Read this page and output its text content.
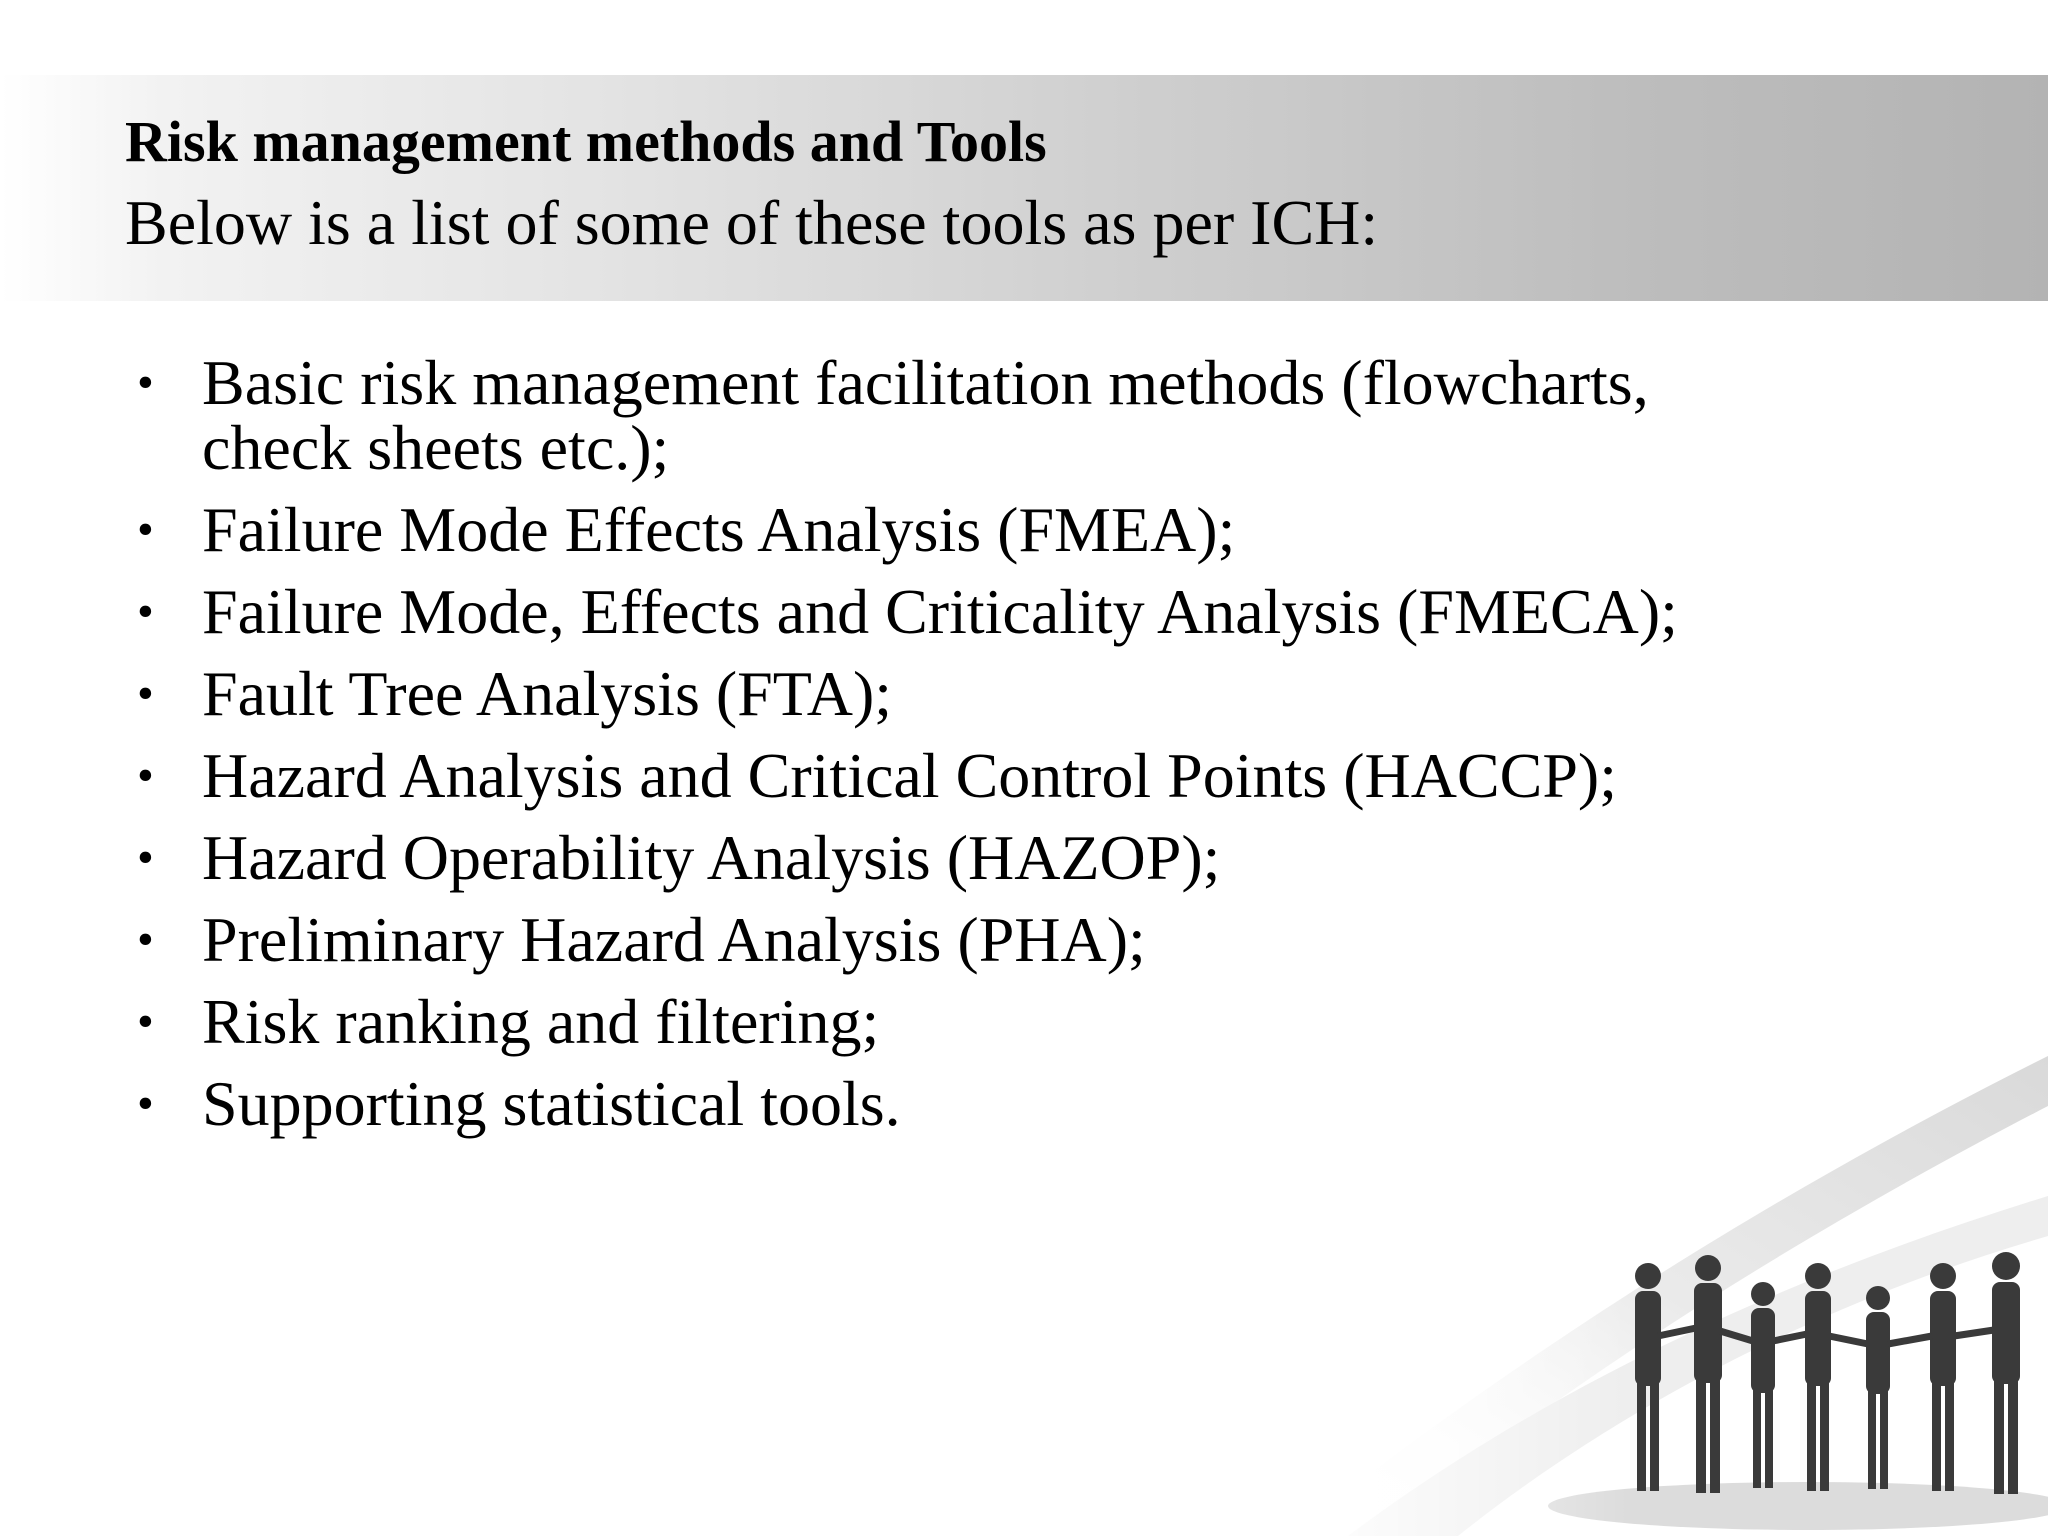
Risk management methods and Tools
Below is a list of some of these tools as per ICH:
• Basic risk management facilitation methods (flowcharts, check sheets etc.);
• Failure Mode Effects Analysis (FMEA);
• Failure Mode, Effects and Criticality Analysis (FMECA);
• Fault Tree Analysis (FTA);
• Hazard Analysis and Critical Control Points (HACCP);
• Hazard Operability Analysis (HAZOP);
• Preliminary Hazard Analysis (PHA);
• Risk ranking and filtering;
• Supporting statistical tools.
